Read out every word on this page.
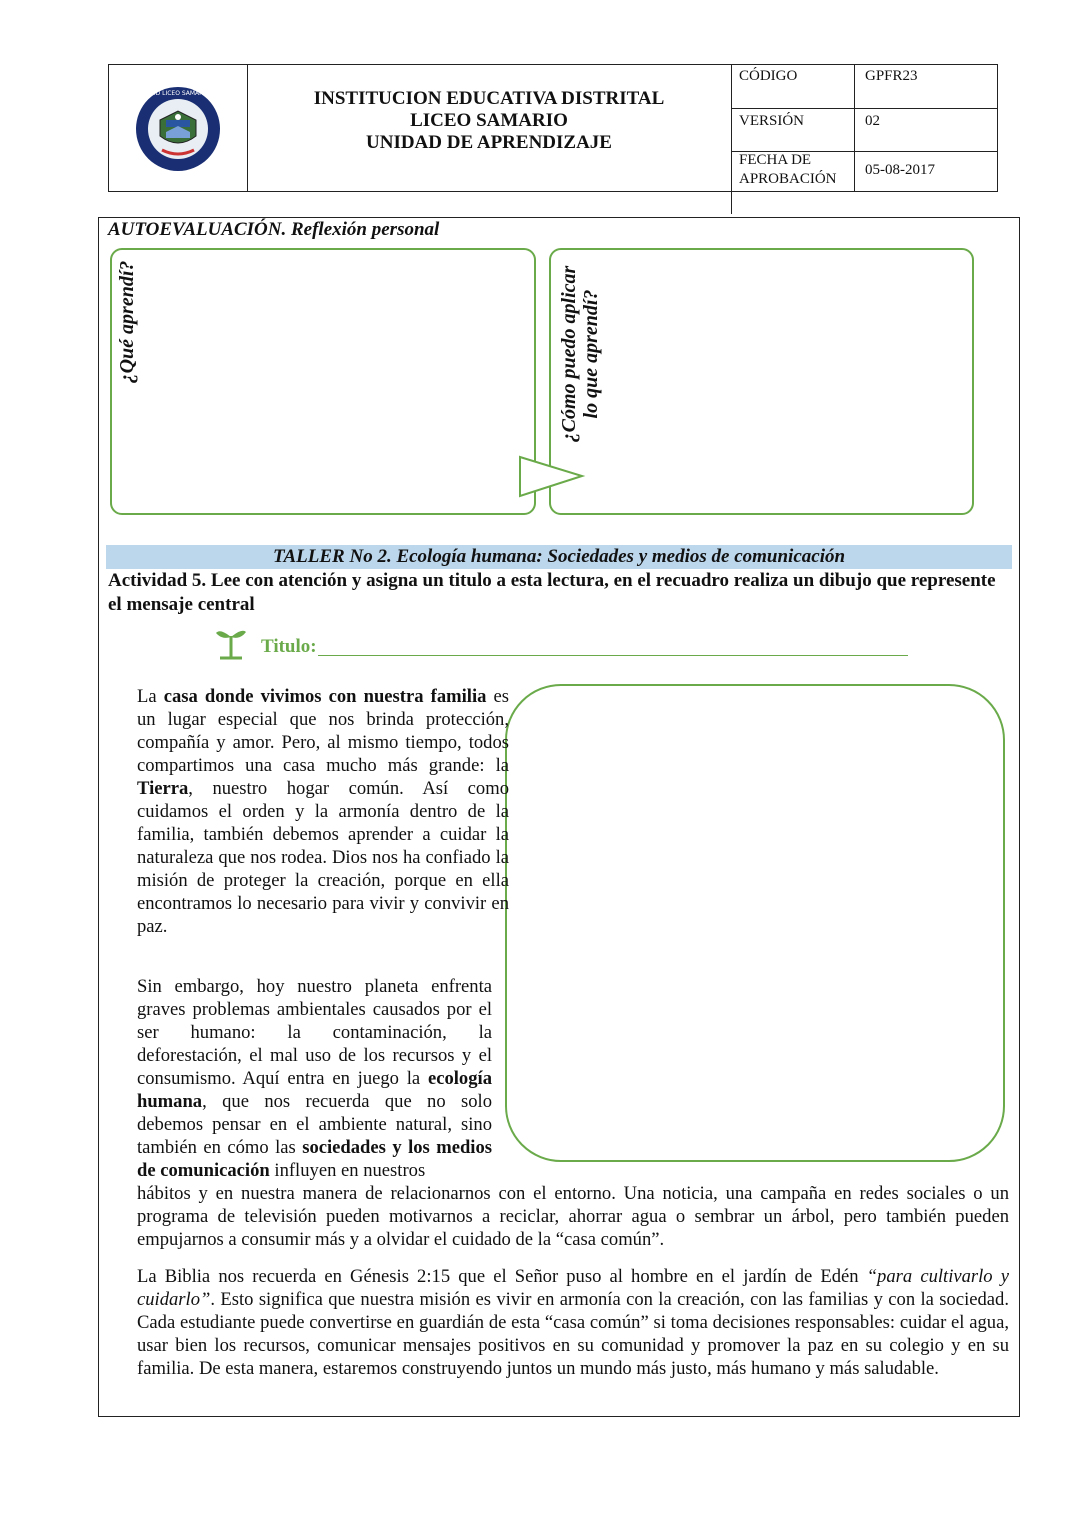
I.E.D LICEO SAMARIO	INSTITUCION EDUCATIVA DISTRITAL
LICEO SAMARIO
UNIDAD DE APRENDIZAJE
CÓDIGO	GPFR23
VERSIÓN	02
FECHA DE
APROBACIÓN
05-08-2017
AUTOEVALUACIÓN. Reflexión personal
¿Qué aprendí?	¿Cómo puedo aplicar lo que aprendí?
TALLER No 2. Ecología humana: Sociedades y medios de comunicación
Actividad 5. Lee con atención y asigna un titulo a esta lectura, en el recuadro realiza un dibujo que represente el mensaje central
Titulo:
La casa donde vivimos con nuestra familia es un lugar especial que nos brinda protección, compañía y amor. Pero, al mismo tiempo, todos compartimos una casa mucho más grande: la Tierra, nuestro hogar común. Así como cuidamos el orden y la armonía dentro de la familia, también debemos aprender a cuidar la naturaleza que nos rodea. Dios nos ha confiado la misión de proteger la creación, porque en ella encontramos lo necesario para vivir y convivir en paz.
Sin embargo, hoy nuestro planeta enfrenta graves problemas ambientales causados por el ser humano: la contaminación, la deforestación, el mal uso de los recursos y el consumismo. Aquí entra en juego la ecología humana, que nos recuerda que no solo debemos pensar en el ambiente natural, sino también en cómo las sociedades y los medios de comunicación influyen en nuestros
hábitos y en nuestra manera de relacionarnos con el entorno. Una noticia, una campaña en redes sociales o un programa de televisión pueden motivarnos a reciclar, ahorrar agua o sembrar un árbol, pero también pueden empujarnos a consumir más y a olvidar el cuidado de la “casa común”.
La Biblia nos recuerda en Génesis 2:15 que el Señor puso al hombre en el jardín de Edén “para cultivarlo y cuidarlo”. Esto significa que nuestra misión es vivir en armonía con la creación, con las familias y con la sociedad. Cada estudiante puede convertirse en guardián de esta “casa común” si toma decisiones responsables: cuidar el agua, usar bien los recursos, comunicar mensajes positivos en su comunidad y promover la paz en su colegio y en su familia. De esta manera, estaremos construyendo juntos un mundo más justo, más humano y más saludable.
